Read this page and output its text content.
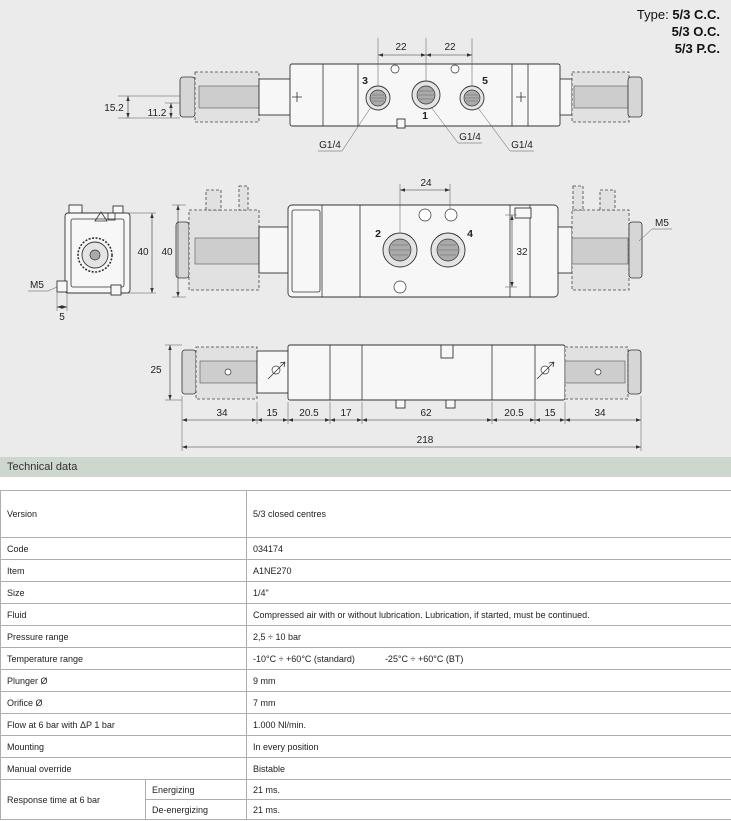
22	22
15.2 11.2
3
1
5
G1/4
G1/4
G1/4
40
M5
5
2	4
24
32
40
M5
25
34	15 20.5 17	62	20.5 15	34
218
Type: 5/3 C.C.
5/3 O.C.
5/3 P.C.
Technical data
Version		5/3 closed centres
Code		034174
Item		A1NE270
Size		1/4"
Fluid		Compressed air with or without lubrication. Lubrication, if started, must be continued.
Pressure range		2,5 ÷ 10 bar
Temperature range		-10°C ÷ +60°C (standard) -25°C ÷ +60°C (BT)
Plunger Ø		9 mm
Orifice Ø		7 mm
Flow at 6 bar with ΔP 1 bar		1.000 Nl/min.
Mounting		In every position
Manual override		Bistable
Response time at 6 bar	Energizing	21 ms.
	De-energizing	21 ms.
